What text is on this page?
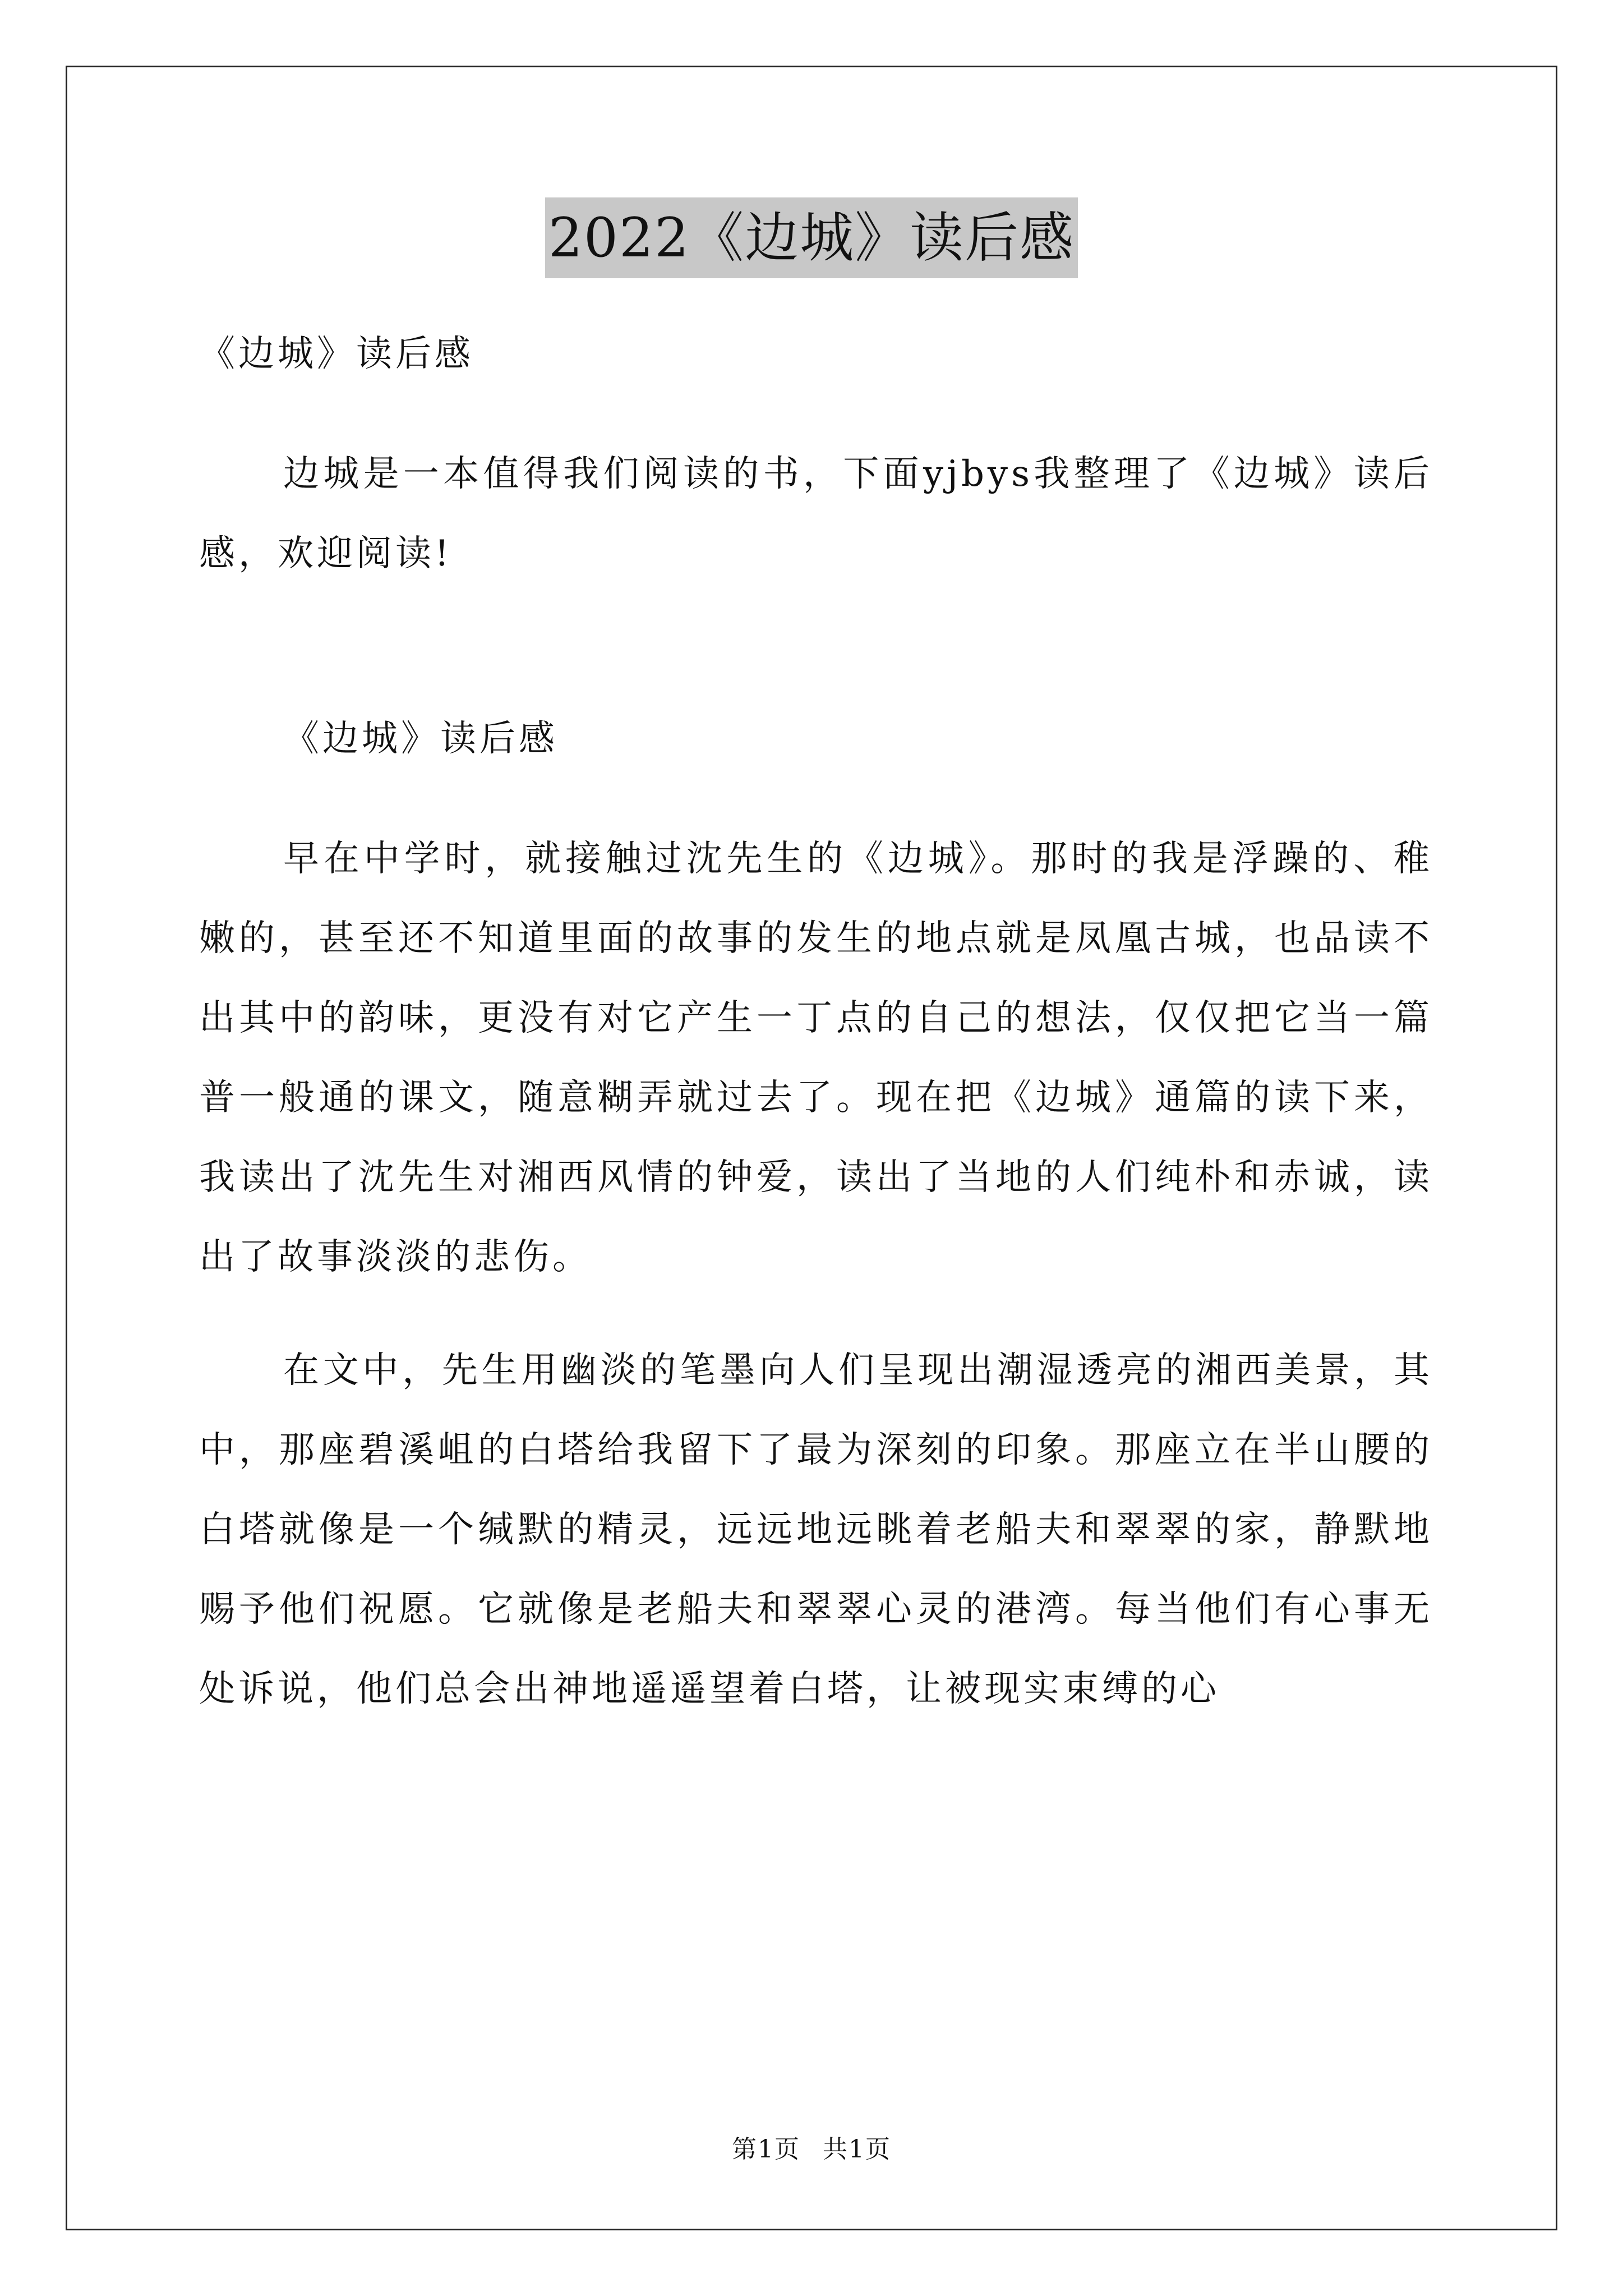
2022《边城》读后感

《边城》读后感

边城是一本值得我们阅读的书，下面yjbys我整理了《边城》读后感，欢迎阅读!

《边城》读后感

早在中学时，就接触过沈先生的《边城》。那时的我是浮躁的、稚嫩的，甚至还不知道里面的故事的发生的地点就是凤凰古城，也品读不出其中的韵味，更没有对它产生一丁点的自己的想法，仅仅把它当一篇普一般通的课文，随意糊弄就过去了。现在把《边城》通篇的读下来，我读出了沈先生对湘西风情的钟爱，读出了当地的人们纯朴和赤诚，读出了故事淡淡的悲伤。

在文中，先生用幽淡的笔墨向人们呈现出潮湿透亮的湘西美景，其中，那座碧溪岨的白塔给我留下了最为深刻的印象。那座立在半山腰的白塔就像是一个缄默的精灵，远远地远眺着老船夫和翠翠的家，静默地赐予他们祝愿。它就像是老船夫和翠翠心灵的港湾。每当他们有心事无处诉说，他们总会出神地遥遥望着白塔，让被现实束缚的心

第1页 共1页
